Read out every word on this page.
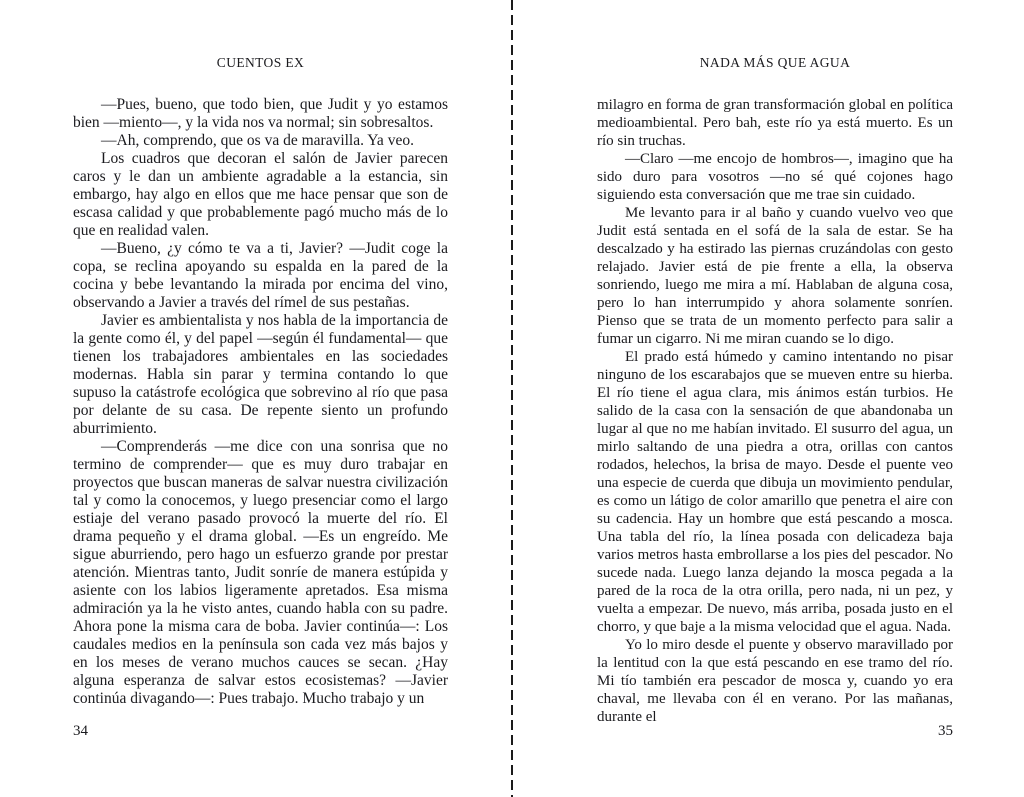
CUENTOS EX

—Pues, bueno, que todo bien, que Judit y yo estamos bien —miento—, y la vida nos va normal; sin sobresaltos.

—Ah, comprendo, que os va de maravilla. Ya veo.

Los cuadros que decoran el salón de Javier parecen caros y le dan un ambiente agradable a la estancia, sin embargo, hay algo en ellos que me hace pensar que son de escasa calidad y que probablemente pagó mucho más de lo que en realidad valen.

—Bueno, ¿y cómo te va a ti, Javier? —Judit coge la copa, se reclina apoyando su espalda en la pared de la cocina y bebe levantando la mirada por encima del vino, observando a Javier a través del rímel de sus pestañas.

Javier es ambientalista y nos habla de la importancia de la gente como él, y del papel —según él fundamental— que tienen los trabajadores ambientales en las sociedades modernas. Habla sin parar y termina contando lo que supuso la catástrofe ecológica que sobrevino al río que pasa por delante de su casa. De repente siento un profundo aburrimiento.

—Comprenderás —me dice con una sonrisa que no termino de comprender— que es muy duro trabajar en proyectos que buscan maneras de salvar nuestra civilización tal y como la conocemos, y luego presenciar como el largo estiaje del verano pasado provocó la muerte del río. El drama pequeño y el drama global. —Es un engreído. Me sigue aburriendo, pero hago un esfuerzo grande por prestar atención. Mientras tanto, Judit sonríe de manera estúpida y asiente con los labios ligeramente apretados. Esa misma admiración ya la he visto antes, cuando habla con su padre. Ahora pone la misma cara de boba. Javier continúa—: Los caudales medios en la península son cada vez más bajos y en los meses de verano muchos cauces se secan. ¿Hay alguna esperanza de salvar estos ecosistemas? —Javier continúa divagando—: Pues trabajo. Mucho trabajo y un

34
NADA MÁS QUE AGUA

milagro en forma de gran transformación global en política medioambiental. Pero bah, este río ya está muerto. Es un río sin truchas.

—Claro —me encojo de hombros—, imagino que ha sido duro para vosotros —no sé qué cojones hago siguiendo esta conversación que me trae sin cuidado.

Me levanto para ir al baño y cuando vuelvo veo que Judit está sentada en el sofá de la sala de estar. Se ha descalzado y ha estirado las piernas cruzándolas con gesto relajado. Javier está de pie frente a ella, la observa sonriendo, luego me mira a mí. Hablaban de alguna cosa, pero lo han interrumpido y ahora solamente sonríen. Pienso que se trata de un momento perfecto para salir a fumar un cigarro. Ni me miran cuando se lo digo.

El prado está húmedo y camino intentando no pisar ninguno de los escarabajos que se mueven entre su hierba. El río tiene el agua clara, mis ánimos están turbios. He salido de la casa con la sensación de que abandonaba un lugar al que no me habían invitado. El susurro del agua, un mirlo saltando de una piedra a otra, orillas con cantos rodados, helechos, la brisa de mayo. Desde el puente veo una especie de cuerda que dibuja un movimiento pendular, es como un látigo de color amarillo que penetra el aire con su cadencia. Hay un hombre que está pescando a mosca. Una tabla del río, la línea posada con delicadeza baja varios metros hasta embrollarse a los pies del pescador. No sucede nada. Luego lanza dejando la mosca pegada a la pared de la roca de la otra orilla, pero nada, ni un pez, y vuelta a empezar. De nuevo, más arriba, posada justo en el chorro, y que baje a la misma velocidad que el agua. Nada.

Yo lo miro desde el puente y observo maravillado por la lentitud con la que está pescando en ese tramo del río. Mi tío también era pescador de mosca y, cuando yo era chaval, me llevaba con él en verano. Por las mañanas, durante el

35
